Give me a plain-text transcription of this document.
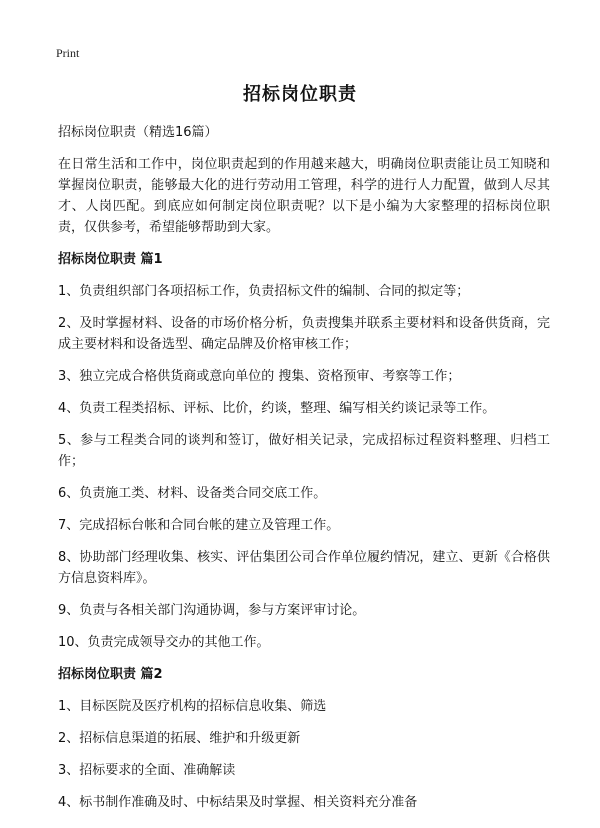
Print
招标岗位职责

招标岗位职责（精选16篇）

在日常生活和工作中，岗位职责起到的作用越来越大，明确岗位职责能让员工知晓和掌握岗位职责，能够最大化的进行劳动用工管理，科学的进行人力配置，做到人尽其才、人岗匹配。到底应如何制定岗位职责呢？以下是小编为大家整理的招标岗位职责，仅供参考，希望能够帮助到大家。

招标岗位职责 篇1

1、负责组织部门各项招标工作，负责招标文件的编制、合同的拟定等；

2、及时掌握材料、设备的市场价格分析，负责搜集并联系主要材料和设备供货商，完成主要材料和设备选型、确定品牌及价格审核工作；

3、独立完成合格供货商或意向单位的 搜集、资格预审、考察等工作；

4、负责工程类招标、评标、比价，约谈，整理、编写相关约谈记录等工作。

5、参与工程类合同的谈判和签订，做好相关记录，完成招标过程资料整理、归档工作；

6、负责施工类、材料、设备类合同交底工作。

7、完成招标台帐和合同台帐的建立及管理工作。

8、协助部门经理收集、核实、评估集团公司合作单位履约情况，建立、更新《合格供方信息资料库》。

9、负责与各相关部门沟通协调，参与方案评审讨论。

10、负责完成领导交办的其他工作。

招标岗位职责 篇2

1、目标医院及医疗机构的招标信息收集、筛选

2、招标信息渠道的拓展、维护和升级更新

3、招标要求的全面、准确解读

4、标书制作准确及时、中标结果及时掌握、相关资料充分准备
